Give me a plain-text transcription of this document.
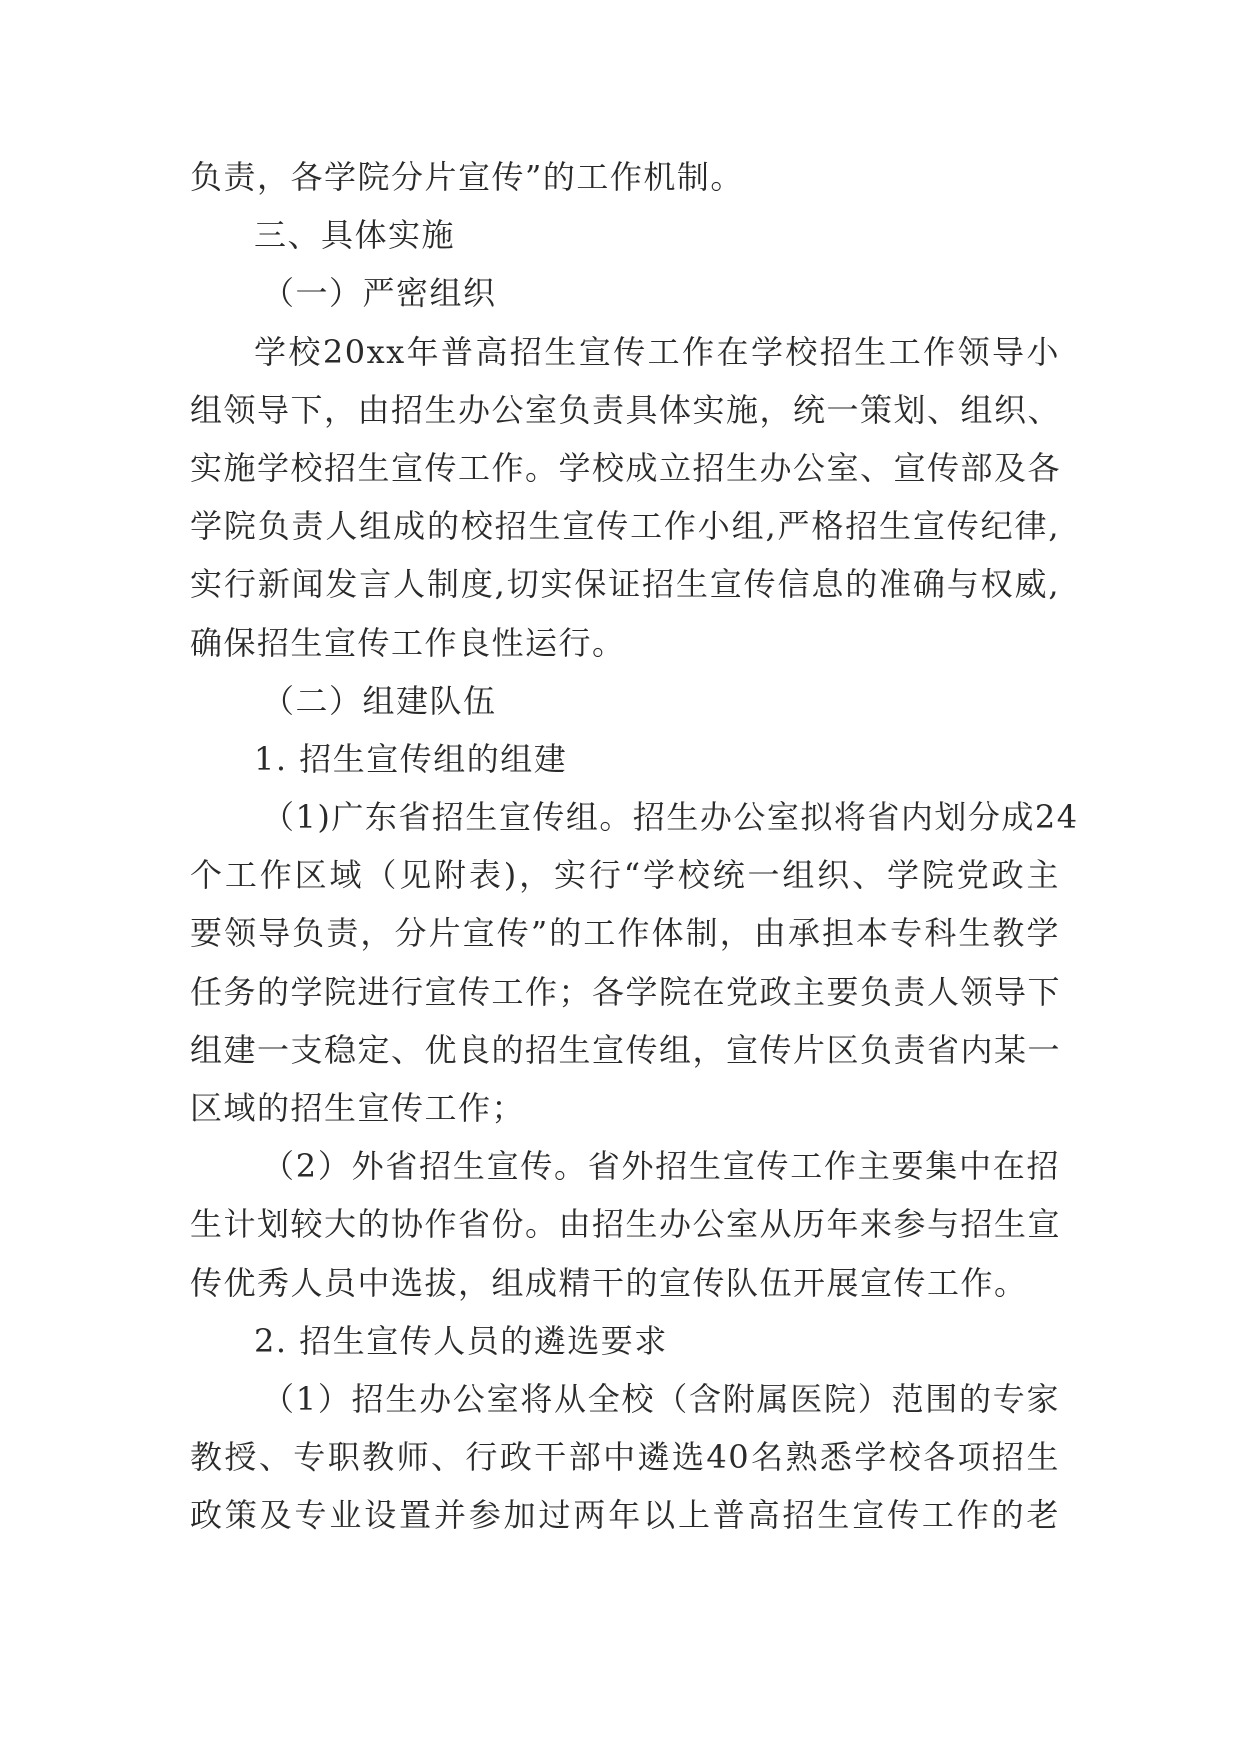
负责，各学院分片宣传”的工作机制。
三、具体实施
（一）严密组织
学校20xx年普高招生宣传工作在学校招生工作领导小
组领导下，由招生办公室负责具体实施，统一策划、组织、
实施学校招生宣传工作。学校成立招生办公室、宣传部及各
学院负责人组成的校招生宣传工作小组,严格招生宣传纪律,
实行新闻发言人制度,切实保证招生宣传信息的准确与权威,
确保招生宣传工作良性运行。
（二）组建队伍
1. 招生宣传组的组建
（1)广东省招生宣传组。招生办公室拟将省内划分成24
个工作区域（见附表)，实行“学校统一组织、学院党政主
要领导负责，分片宣传”的工作体制，由承担本专科生教学
任务的学院进行宣传工作；各学院在党政主要负责人领导下
组建一支稳定、优良的招生宣传组，宣传片区负责省内某一
区域的招生宣传工作；
（2）外省招生宣传。省外招生宣传工作主要集中在招
生计划较大的协作省份。由招生办公室从历年来参与招生宣
传优秀人员中选拔，组成精干的宣传队伍开展宣传工作。
2. 招生宣传人员的遴选要求
（1）招生办公室将从全校（含附属医院）范围的专家
教授、专职教师、行政干部中遴选40名熟悉学校各项招生
政策及专业设置并参加过两年以上普高招生宣传工作的老
